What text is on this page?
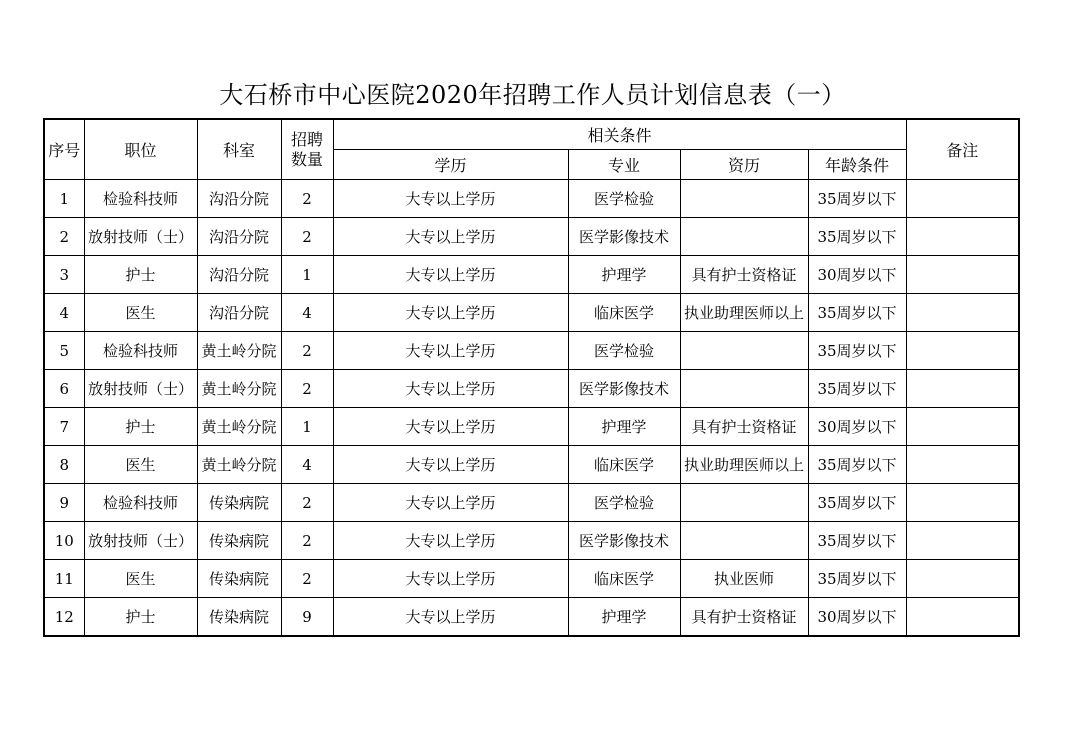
大石桥市中心医院2020年招聘工作人员计划信息表（一）
序号	职位	科室	招聘
数量	相关条件				备注
				学历	专业	资历	年龄条件	
1	检验科技师	沟沿分院	2	大专以上学历	医学检验		35周岁以下	
2	放射技师（士）	沟沿分院	2	大专以上学历	医学影像技术		35周岁以下	
3	护士	沟沿分院	1	大专以上学历	护理学	具有护士资格证	30周岁以下	
4	医生	沟沿分院	4	大专以上学历	临床医学	执业助理医师以上	35周岁以下	
5	检验科技师	黄土岭分院	2	大专以上学历	医学检验		35周岁以下	
6	放射技师（士）	黄土岭分院	2	大专以上学历	医学影像技术		35周岁以下	
7	护士	黄土岭分院	1	大专以上学历	护理学	具有护士资格证	30周岁以下	
8	医生	黄土岭分院	4	大专以上学历	临床医学	执业助理医师以上	35周岁以下	
9	检验科技师	传染病院	2	大专以上学历	医学检验		35周岁以下	
10	放射技师（士）	传染病院	2	大专以上学历	医学影像技术		35周岁以下	
11	医生	传染病院	2	大专以上学历	临床医学	执业医师	35周岁以下	
12	护士	传染病院	9	大专以上学历	护理学	具有护士资格证	30周岁以下	
